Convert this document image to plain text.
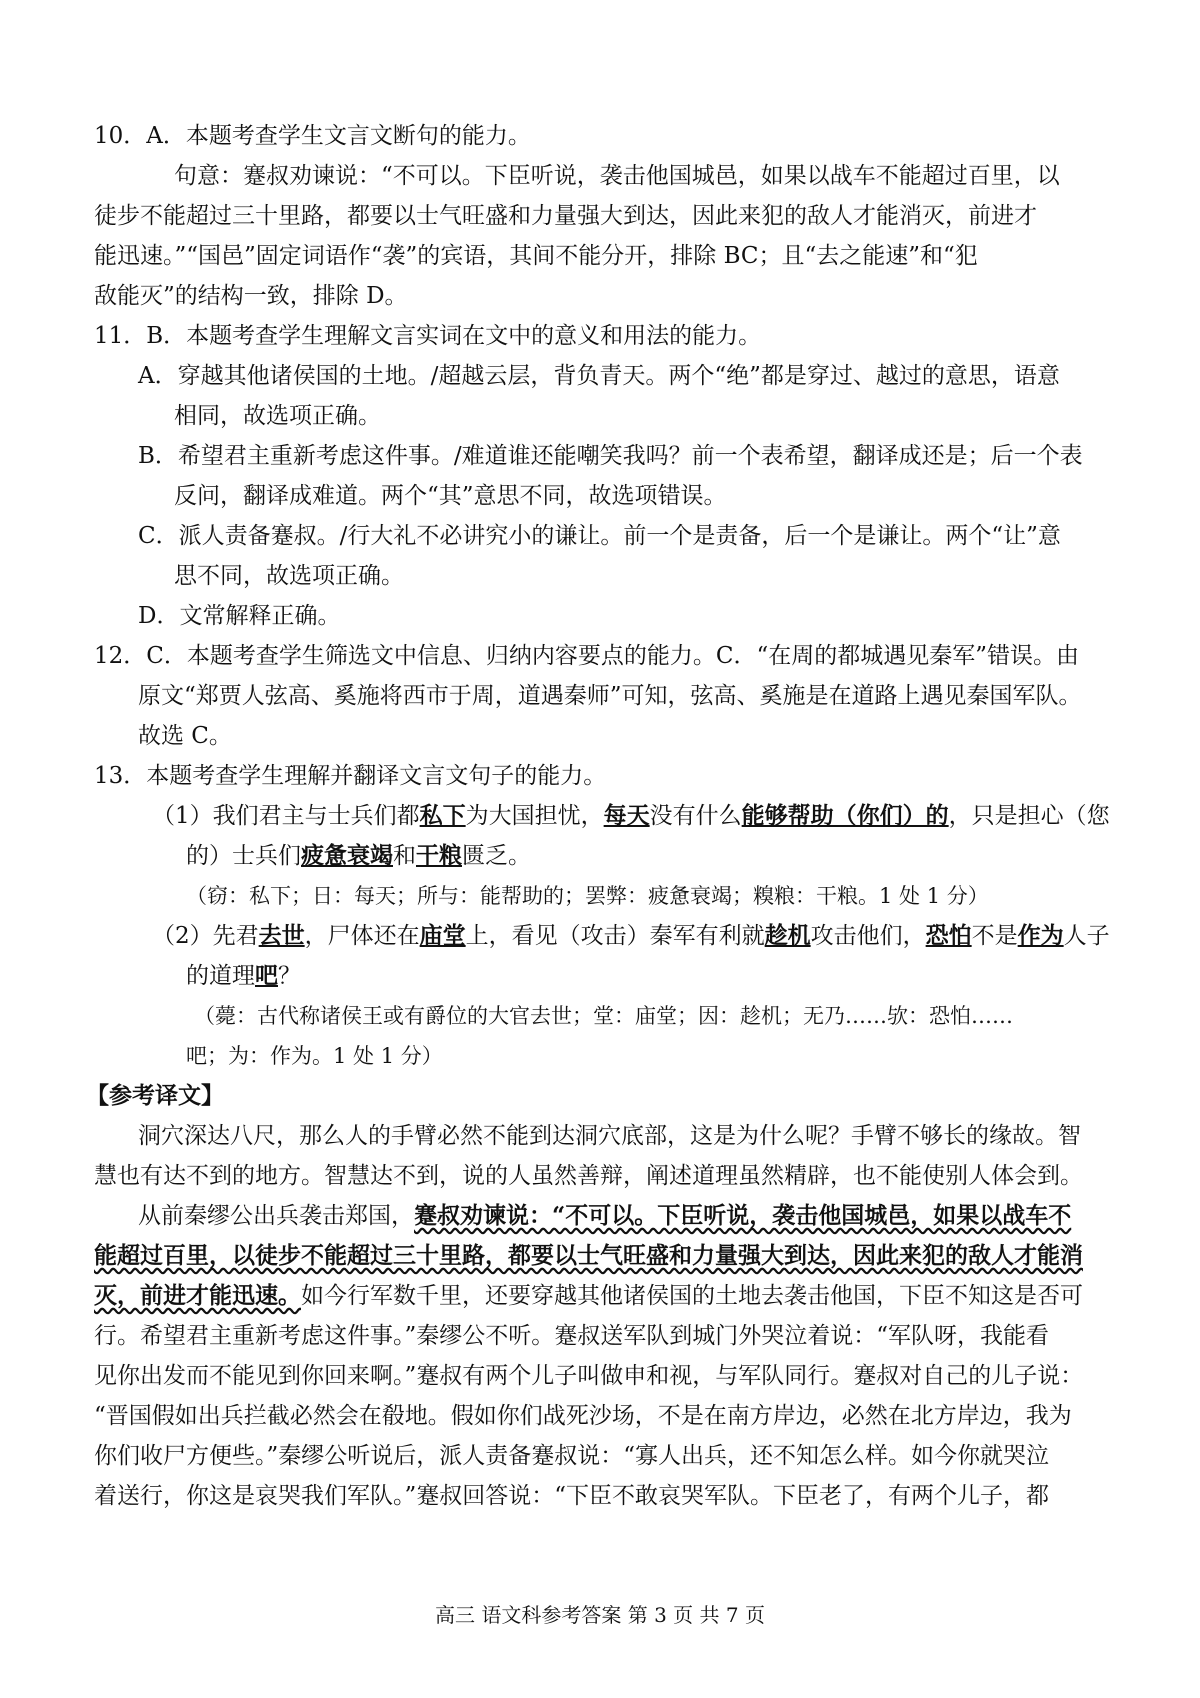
10．A．本题考查学生文言文断句的能力。
句意：蹇叔劝谏说：“不可以。下臣听说，袭击他国城邑，如果以战车不能超过百里，以
徒步不能超过三十里路，都要以士气旺盛和力量强大到达，因此来犯的敌人才能消灭，前进才
能迅速。”“国邑”固定词语作“袭”的宾语，其间不能分开，排除 BC；且“去之能速”和“犯
敌能灭”的结构一致，排除 D。
11．B．本题考查学生理解文言实词在文中的意义和用法的能力。
A．穿越其他诸侯国的土地。/超越云层，背负青天。两个“绝”都是穿过、越过的意思，语意
相同，故选项正确。
B．希望君主重新考虑这件事。/难道谁还能嘲笑我吗？前一个表希望，翻译成还是；后一个表
反问，翻译成难道。两个“其”意思不同，故选项错误。
C．派人责备蹇叔。/行大礼不必讲究小的谦让。前一个是责备，后一个是谦让。两个“让”意
思不同，故选项正确。
D．文常解释正确。
12．C．本题考查学生筛选文中信息、归纳内容要点的能力。C．“在周的都城遇见秦军”错误。由
原文“郑贾人弦高、奚施将西市于周，道遇秦师”可知，弦高、奚施是在道路上遇见秦国军队。
故选 C。
13．本题考查学生理解并翻译文言文句子的能力。
（1）我们君主与士兵们都私下为大国担忧，每天没有什么能够帮助（你们）的，只是担心（您
的）士兵们疲惫衰竭和干粮匮乏。
（窃：私下；日：每天；所与：能帮助的；罢弊：疲惫衰竭；糗粮：干粮。1 处 1 分）
（2）先君去世，尸体还在庙堂上，看见（攻击）秦军有利就趁机攻击他们，恐怕不是作为人子
的道理吧？
（薨：古代称诸侯王或有爵位的大官去世；堂：庙堂；因：趁机；无乃……欤：恐怕……
吧；为：作为。1 处 1 分）
【参考译文】
洞穴深达八尺，那么人的手臂必然不能到达洞穴底部，这是为什么呢？手臂不够长的缘故。智
慧也有达不到的地方。智慧达不到，说的人虽然善辩，阐述道理虽然精辟，也不能使别人体会到。
从前秦缪公出兵袭击郑国，蹇叔劝谏说：“不可以。下臣听说，袭击他国城邑，如果以战车不
能超过百里，以徒步不能超过三十里路，都要以士气旺盛和力量强大到达，因此来犯的敌人才能消
灭，前进才能迅速。如今行军数千里，还要穿越其他诸侯国的土地去袭击他国，下臣不知这是否可
行。希望君主重新考虑这件事。”秦缪公不听。蹇叔送军队到城门外哭泣着说：“军队呀，我能看
见你出发而不能见到你回来啊。”蹇叔有两个儿子叫做申和视，与军队同行。蹇叔对自己的儿子说：
“晋国假如出兵拦截必然会在殽地。假如你们战死沙场，不是在南方岸边，必然在北方岸边，我为
你们收尸方便些。”秦缪公听说后，派人责备蹇叔说：“寡人出兵，还不知怎么样。如今你就哭泣
着送行，你这是哀哭我们军队。”蹇叔回答说：“下臣不敢哀哭军队。下臣老了，有两个儿子，都
高三 语文科参考答案 第 3 页 共 7 页
